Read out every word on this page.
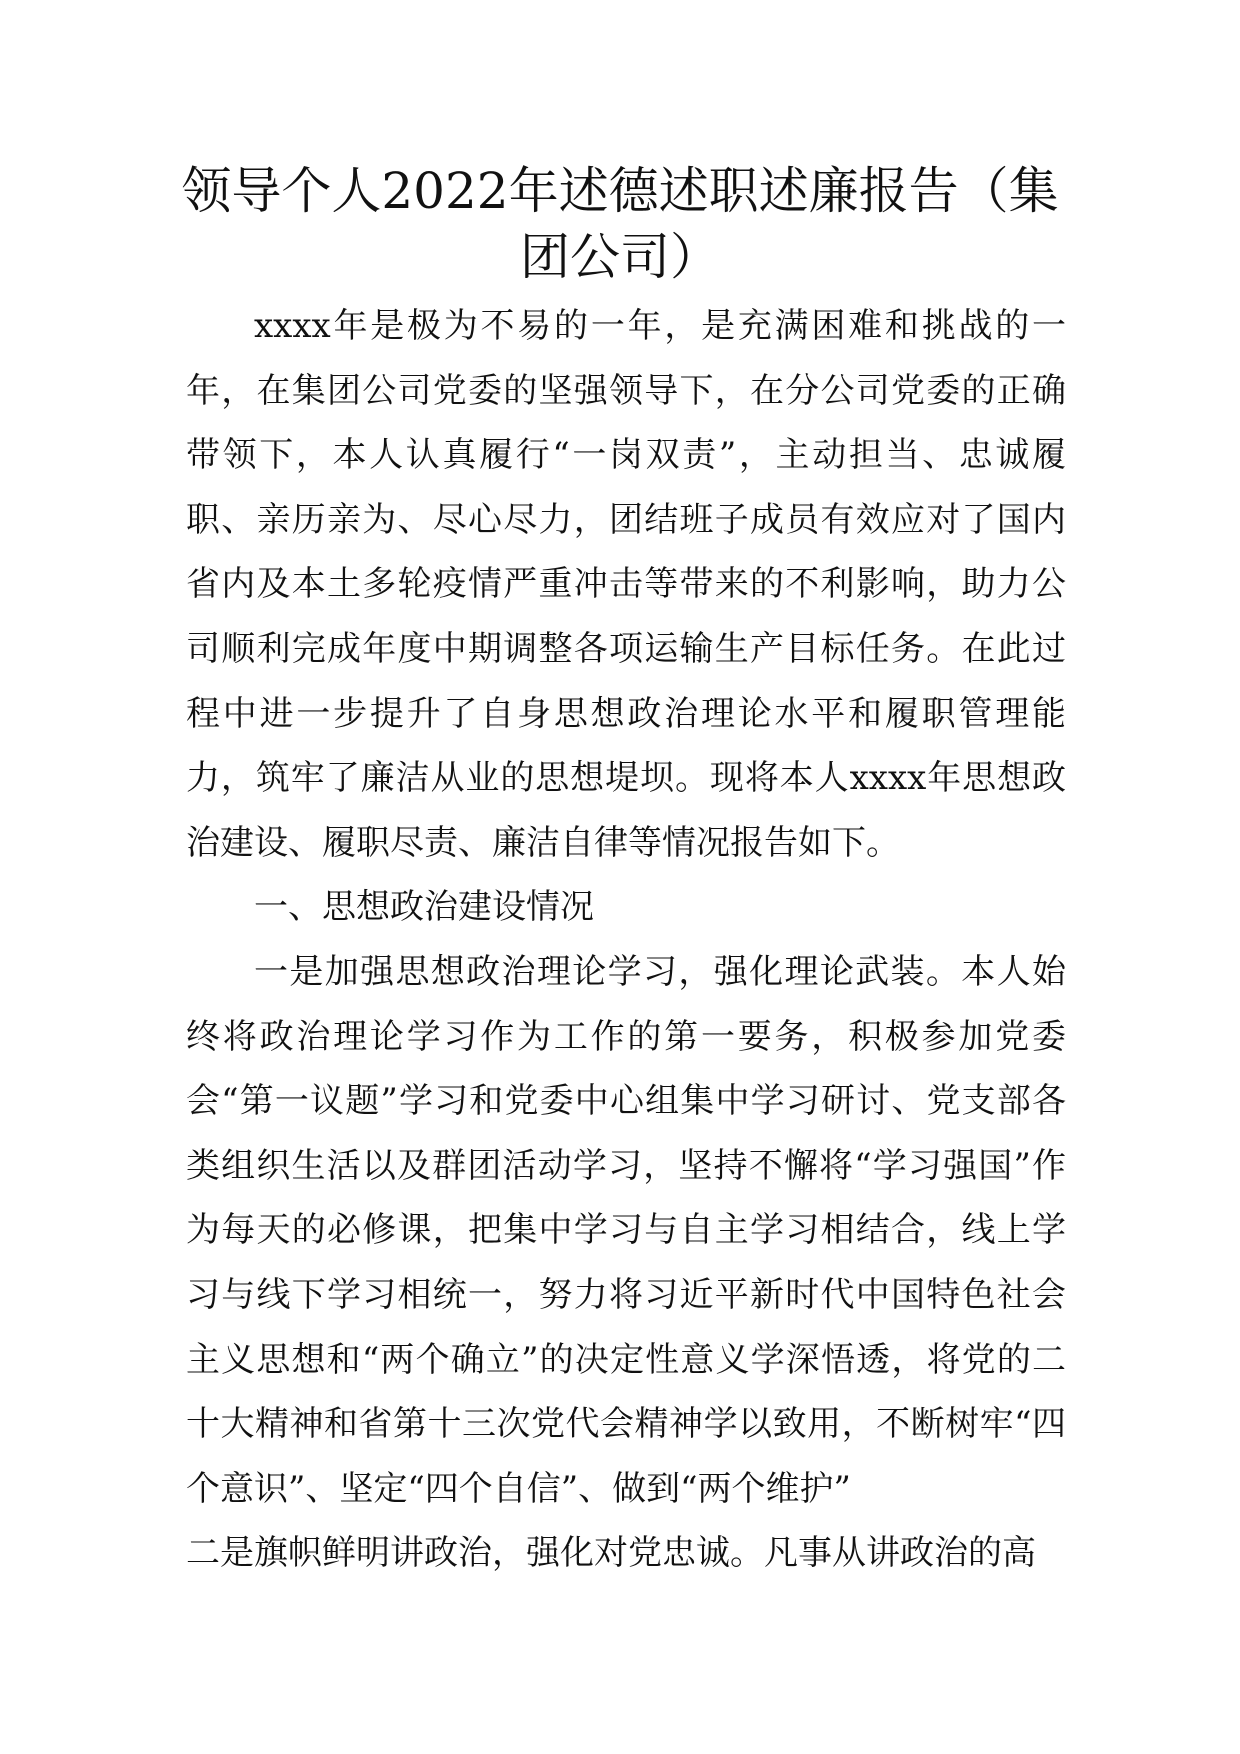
领导个人2022年述德述职述廉报告（集团公司）

xxxx年是极为不易的一年，是充满困难和挑战的一年，在集团公司党委的坚强领导下，在分公司党委的正确带领下，本人认真履行“一岗双责”，主动担当、忠诚履职、亲历亲为、尽心尽力，团结班子成员有效应对了国内省内及本土多轮疫情严重冲击等带来的不利影响，助力公司顺利完成年度中期调整各项运输生产目标任务。在此过程中进一步提升了自身思想政治理论水平和履职管理能力，筑牢了廉洁从业的思想堤坝。现将本人xxxx年思想政治建设、履职尽责、廉洁自律等情况报告如下。

一、思想政治建设情况

一是加强思想政治理论学习，强化理论武装。本人始终将政治理论学习作为工作的第一要务，积极参加党委会“第一议题”学习和党委中心组集中学习研讨、党支部各类组织生活以及群团活动学习，坚持不懈将“学习强国”作为每天的必修课，把集中学习与自主学习相结合，线上学习与线下学习相统一，努力将习近平新时代中国特色社会主义思想和“两个确立”的决定性意义学深悟透，将党的二十大精神和省第十三次党代会精神学以致用，不断树牢“四个意识”、坚定“四个自信”、做到“两个维护”

二是旗帜鲜明讲政治，强化对党忠诚。凡事从讲政治的高
